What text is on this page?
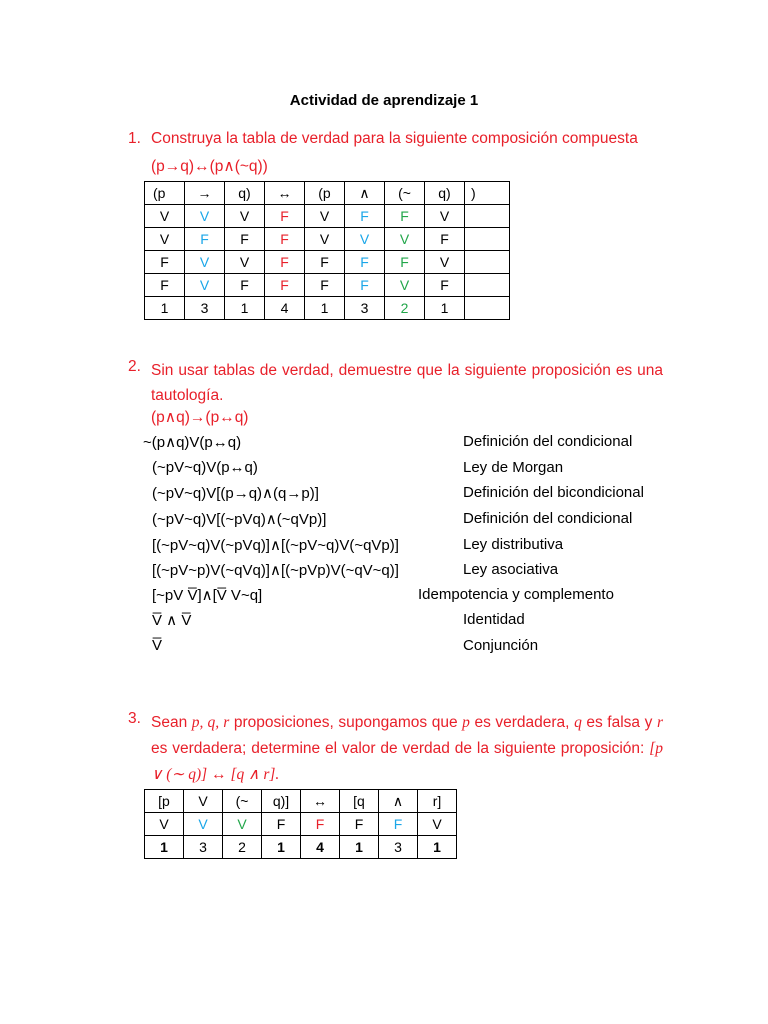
Actividad de aprendizaje 1
1. Construya la tabla de verdad para la siguiente composición compuesta
(p→q)↔(p∧(~q))
(p	→	q)	↔	(p	∧	(~	q)	)
V	V	V	F	V	F	F	V	
V	F	F	F	V	V	V	F	
F	V	V	F	F	F	F	V	
F	V	F	F	F	F	V	F	
1	3	1	4	1	3	2	1	
2. Sin usar tablas de verdad, demuestre que la siguiente proposición es una tautología.
(p∧q)→(p↔q)
~(p∧q)V(p↔q)	Definición del condicional
(~pV~q)V(p↔q)	Ley de Morgan
(~pV~q)V[(p→q)∧(q→p)]	Definición del bicondicional
(~pV~q)V[(~pVq)∧(~qVp)]	Definición del condicional
[(~pV~q)V(~pVq)]∧[(~pV~q)V(~qVp)]	Ley distributiva
[(~pV~p)V(~qVq)]∧[(~pVp)V(~qV~q)]	Ley asociativa
[~pV V̅]∧[V̅ V~q]	Idempotencia y complemento
V̅ ∧ V̅	Identidad
V̅	Conjunción
3. Sean p, q, r proposiciones, supongamos que p es verdadera, q es falsa y r es verdadera; determine el valor de verdad de la siguiente proposición: [p ∨ (∼ q)] ↔ [q ∧ r].
[p	V	(~	q)]	↔	[q	∧	r]
V	V	V	F	F	F	F	V
1	3	2	1	4	1	3	1
